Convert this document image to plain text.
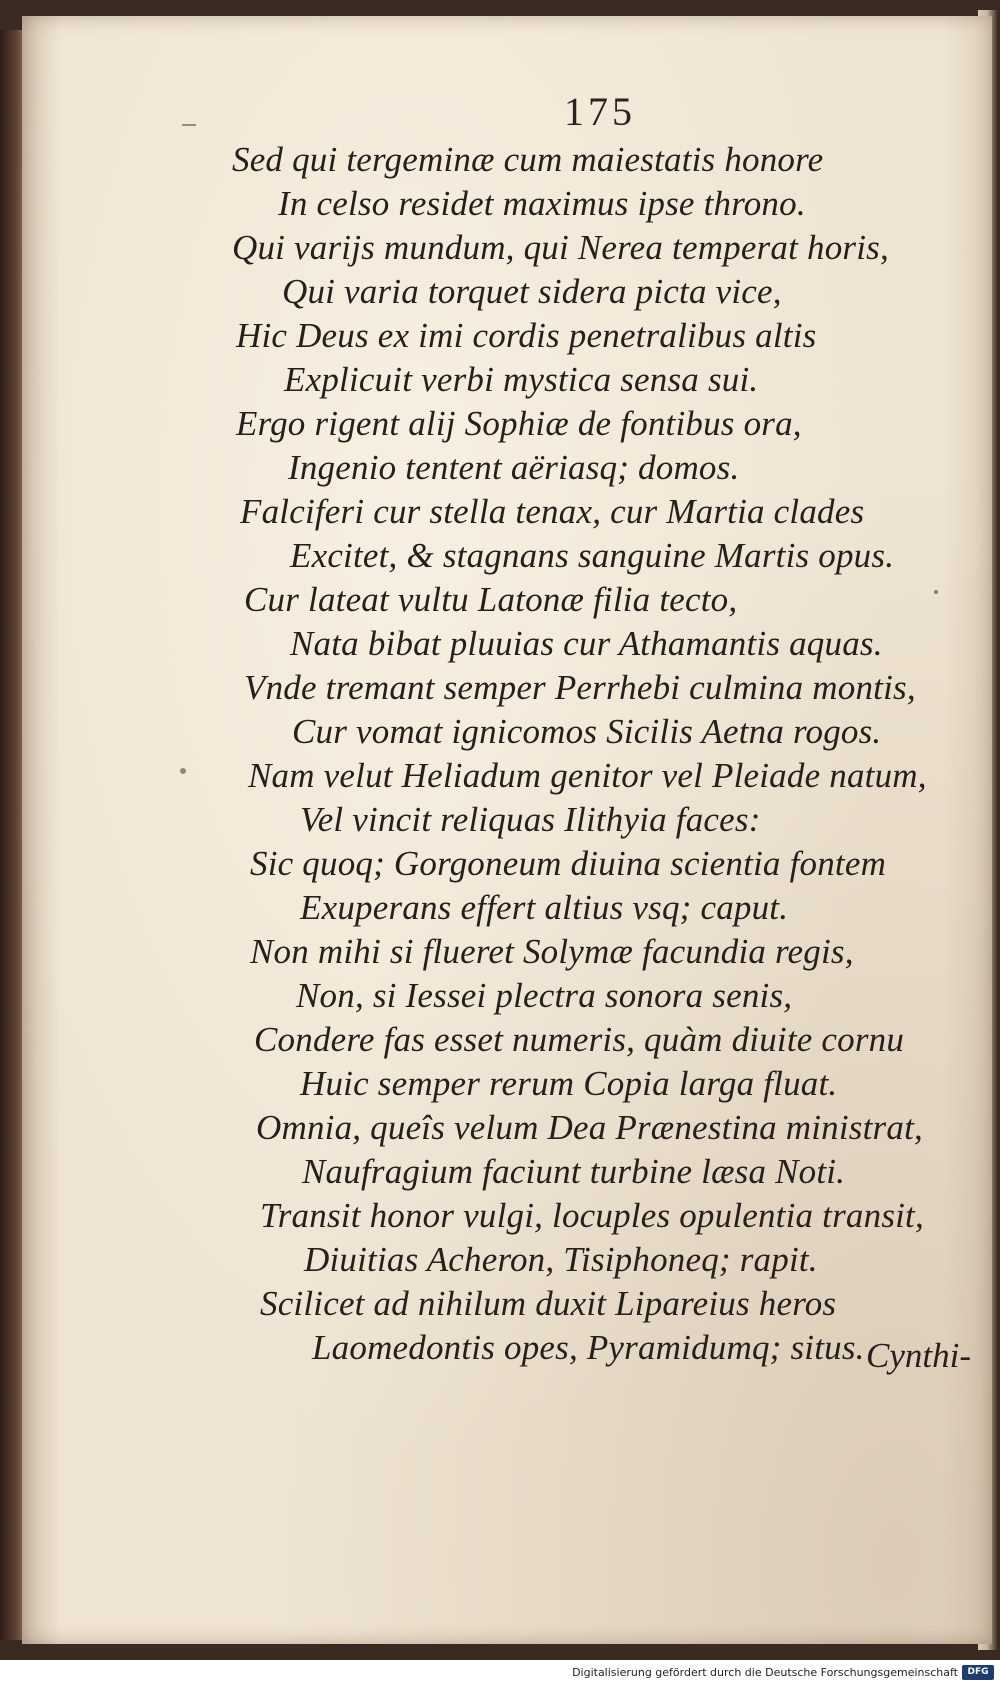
175
Sed qui tergeminæ cum maiestatis honore
In celso residet maximus ipse throno.
Qui varijs mundum, qui Nerea temperat horis,
Qui varia torquet sidera picta vice,
Hic Deus ex imi cordis penetralibus altis
Explicuit verbi mystica sensa sui.
Ergo rigent alij Sophiæ de fontibus ora,
Ingenio tentent aëriasq; domos.
Falciferi cur stella tenax, cur Martia clades
Excitet, & stagnans sanguine Martis opus.
Cur lateat vultu Latonæ filia tecto,
Nata bibat pluuias cur Athamantis aquas.
Vnde tremant semper Perrhebi culmina montis,
Cur vomat ignicomos Sicilis Aetna rogos.
Nam velut Heliadum genitor vel Pleiade natum,
Vel vincit reliquas Ilithyia faces:
Sic quoq; Gorgoneum diuina scientia fontem
Exuperans effert altius vsq; caput.
Non mihi si flueret Solymæ facundia regis,
Non, si Iessei plectra sonora senis,
Condere fas esset numeris, quàm diuite cornu
Huic semper rerum Copia larga fluat.
Omnia, queîs velum Dea Prænestina ministrat,
Naufragium faciunt turbine læsa Noti.
Transit honor vulgi, locuples opulentia transit,
Diuitias Acheron, Tisiphoneq; rapit.
Scilicet ad nihilum duxit Lipareius heros
Laomedontis opes, Pyramidumq; situs. Cynthi-
Digitalisierung gefördert durch die Deutsche Forschungsgemeinschaft	DFG
